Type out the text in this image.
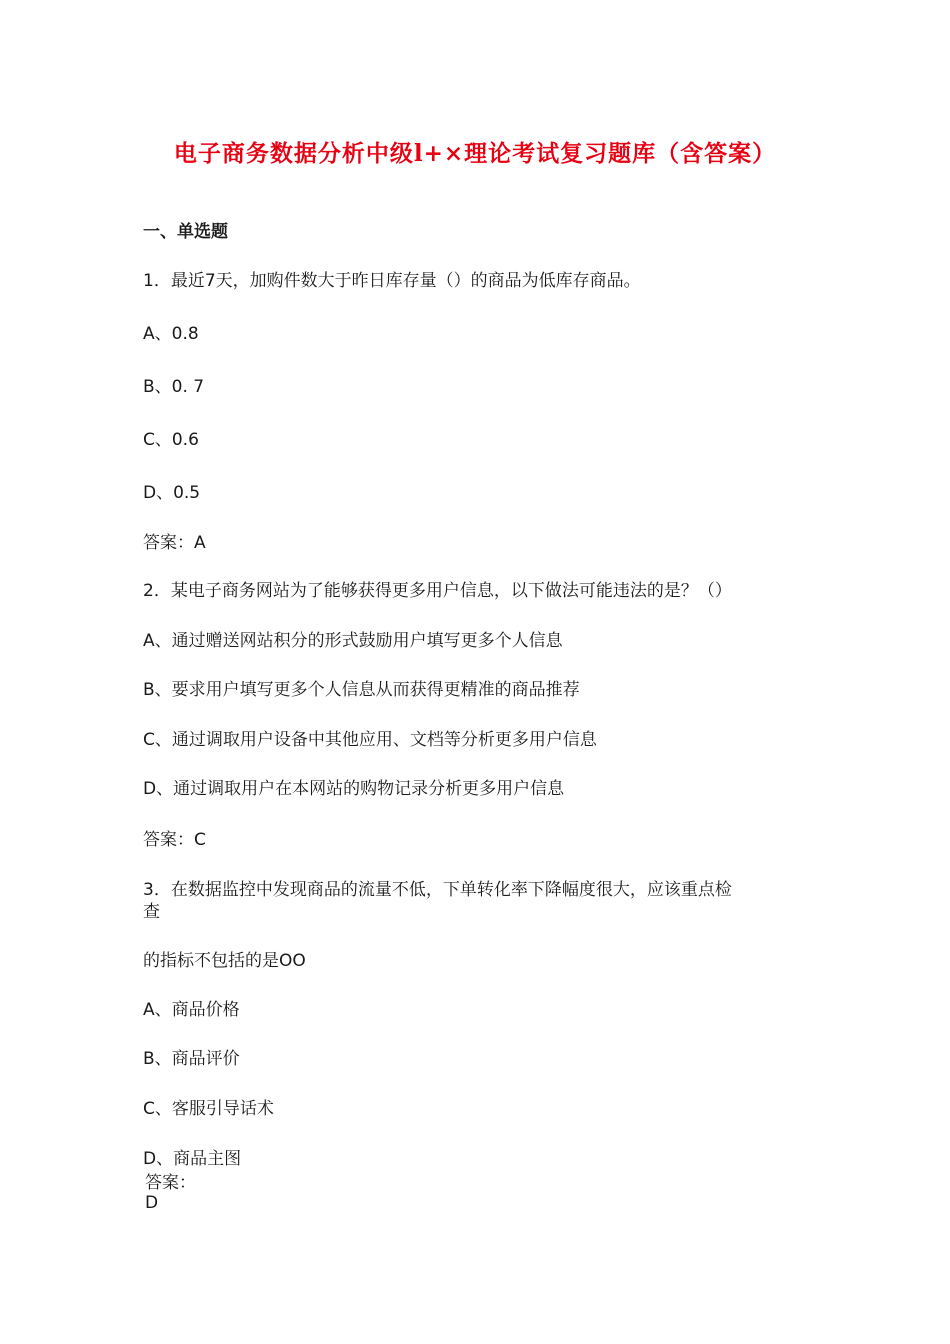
电子商务数据分析中级l+×理论考试复习题库（含答案）
一、单选题
1．最近7天，加购件数大于昨日库存量（）的商品为低库存商品。
A、0.8
B、0. 7
C、0.6
D、0.5
答案：A
2．某电子商务网站为了能够获得更多用户信息，以下做法可能违法的是？（）
A、通过赠送网站积分的形式鼓励用户填写更多个人信息
B、要求用户填写更多个人信息从而获得更精准的商品推荐
C、通过调取用户设备中其他应用、文档等分析更多用户信息
D、通过调取用户在本网站的购物记录分析更多用户信息
答案：C
3．在数据监控中发现商品的流量不低，下单转化率下降幅度很大，应该重点检
查
的指标不包括的是OO
A、商品价格
B、商品评价
C、客服引导话术
D、商品主图
答案：
D
